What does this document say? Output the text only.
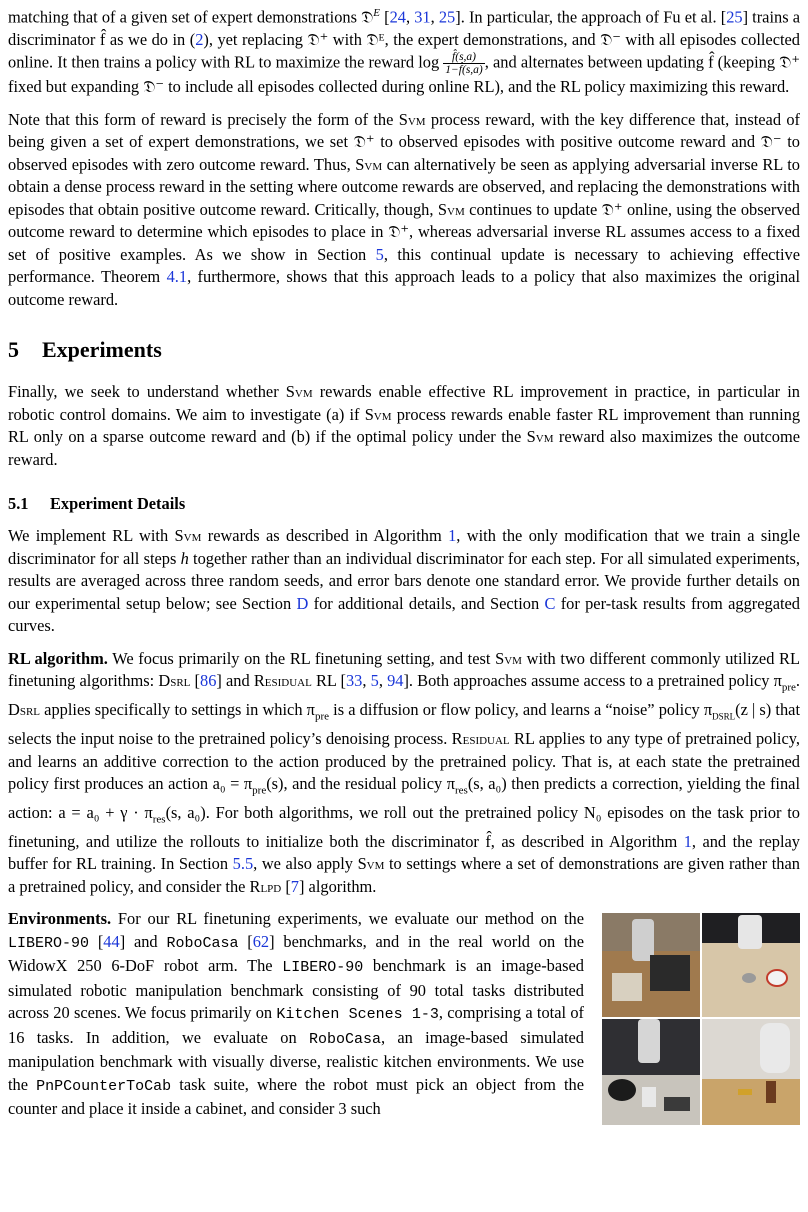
matching that of a given set of expert demonstrations 𝔇$^E$ [24, 31, 25]. In particular, the approach of Fu et al. [25] trains a discriminator f̂ as we do in (2), yet replacing 𝔇⁺ with 𝔇ᴱ, the expert demonstrations, and 𝔇⁻ with all episodes collected online. It then trains a policy with RL to maximize the reward $\log \frac{f̂(s,a)}{1-f̂(s,a)}$ , and alternates between updating f̂ (keeping 𝔇⁺ fixed but expanding 𝔇⁻ to include all episodes collected during online RL), and the RL policy maximizing this reward.

Note that this form of reward is precisely the form of the Svm process reward, with the key difference that, instead of being given a set of expert demonstrations, we set 𝔇⁺ to observed episodes with positive outcome reward and 𝔇⁻ to observed episodes with zero outcome reward. Thus, Svm can alternatively be seen as applying adversarial inverse RL to obtain a dense process reward in the setting where outcome rewards are observed, and replacing the demonstrations with episodes that obtain positive outcome reward. Critically, though, Svm continues to update 𝔇⁺ online, using the observed outcome reward to determine which episodes to place in 𝔇⁺, whereas adversarial inverse RL assumes access to a fixed set of positive examples. As we show in Section 5, this continual update is necessary to achieving effective performance. Theorem 4.1, furthermore, shows that this approach leads to a policy that also maximizes the original outcome reward.

5 Experiments

Finally, we seek to understand whether Svm rewards enable effective RL improvement in practice, in particular in robotic control domains. We aim to investigate (a) if Svm process rewards enable faster RL improvement than running RL only on a sparse outcome reward and (b) if the optimal policy under the Svm reward also maximizes the outcome reward.

5.1 Experiment Details

We implement RL with Svm rewards as described in Algorithm 1, with the only modification that we train a single discriminator for all steps h together rather than an individual discriminator for each step. For all simulated experiments, results are averaged across three random seeds, and error bars denote one standard error. We provide further details on our experimental setup below; see Section D for additional details, and Section C for per-task results from aggregated curves.

RL algorithm. We focus primarily on the RL finetuning setting, and test Svm with two different commonly utilized RL finetuning algorithms: Dsrl [86] and Residual RL [33, 5, 94]. Both approaches assume access to a pretrained policy $\pi_{pre}$. Dsrl applies specifically to settings in which $\pi_{pre}$ is a diffusion or flow policy, and learns a “noise” policy $\pi_{DSRL}(z$ | s) that selects the input noise to the pretrained policy’s denoising process. Residual RL applies to any type of pretrained policy, and learns an additive correction to the action produced by the pretrained policy. That is, at each state the pretrained policy first produces an action $a_0 = \pi_{pre}(s)$, and the residual policy $\pi_{res}(s$, a₀) then predicts a correction, yielding the final action: $a = a_0 + \gamma \cdot \pi_{res}(s$, a₀). For both algorithms, we roll out the pretrained policy N₀ episodes on the task prior to finetuning, and utilize the rollouts to initialize both the discriminator f̂, as described in Algorithm 1, and the replay buffer for RL training. In Section 5.5, we also apply Svm to settings where a set of demonstrations are given rather than a pretrained policy, and consider the Rlpd [7] algorithm.

Environments. For our RL finetuning experiments, we evaluate our method on the LIBERO-90 [44] and RoboCasa [62] benchmarks, and in the real world on the WidowX 250 6-DoF robot arm. The LIBERO-90 benchmark is an image-based simulated robotic manipulation benchmark consisting of 90 total tasks distributed across 20 scenes. We focus primarily on Kitchen Scenes 1-3, comprising a total of 16 tasks. In addition, we evaluate on RoboCasa, an image-based simulated manipulation benchmark with visually diverse, realistic kitchen environments. We use the PnPCounterToCab task suite, where the robot must pick an object from the counter and place it inside a cabinet, and consider 3 such
